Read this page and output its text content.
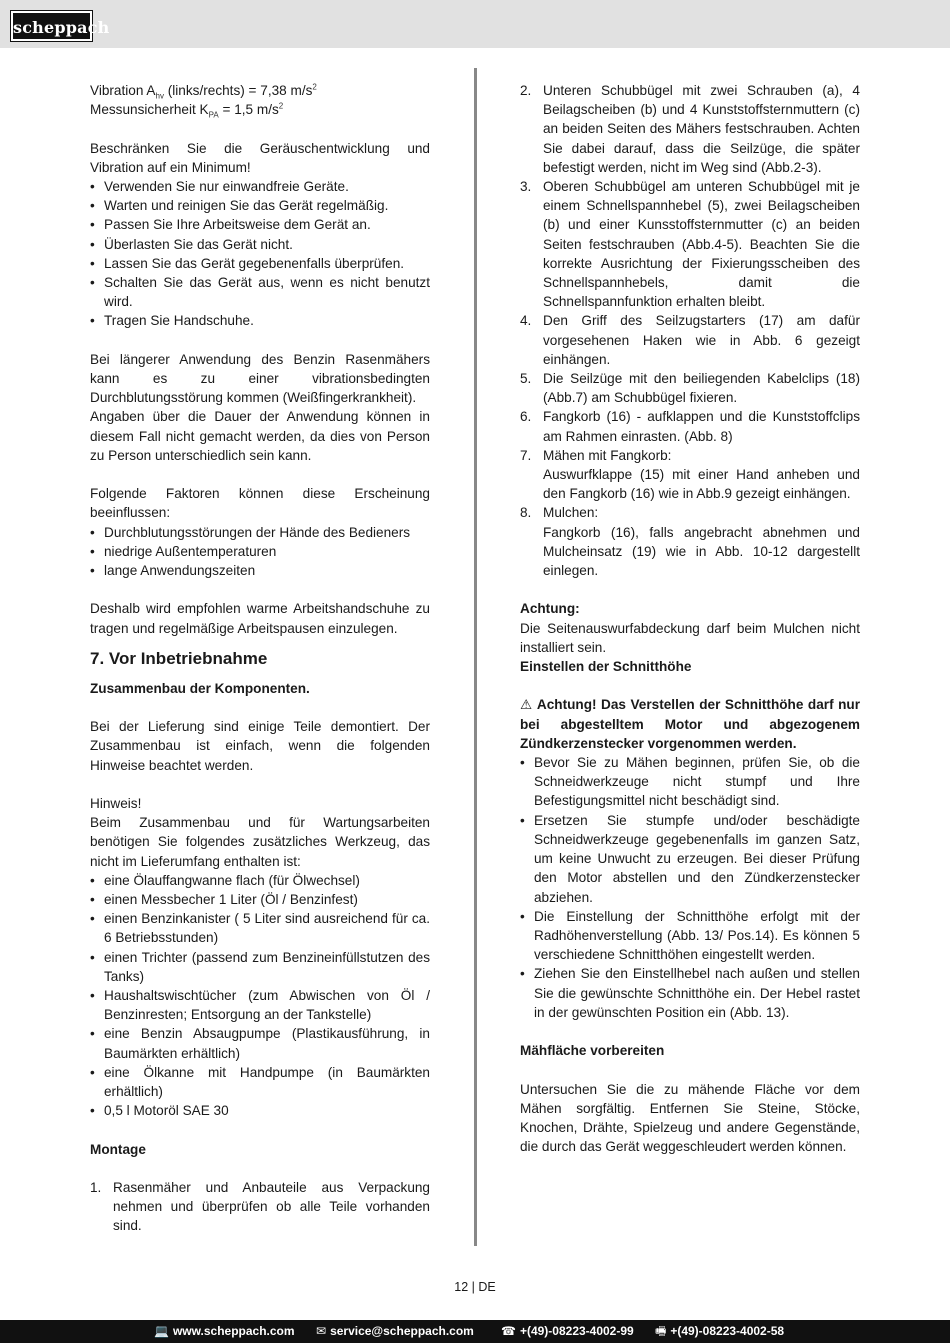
scheppach

Vibration $A_{hv}$ (links/rechts) = 7,38 $m/s^2$

Messunsicherheit $K_{PA} = 1,5$ $m/s^2$

Beschränken Sie die Geräuschentwicklung und Vibration auf ein Minimum!

• Verwenden Sie nur einwandfreie Geräte.
• Warten und reinigen Sie das Gerät regelmäßig.
• Passen Sie Ihre Arbeitsweise dem Gerät an.
• Überlasten Sie das Gerät nicht.
• Lassen Sie das Gerät gegebenenfalls überprüfen.
• Schalten Sie das Gerät aus, wenn es nicht benutzt wird.
• Tragen Sie Handschuhe.

Bei längerer Anwendung des Benzin Rasenmähers kann es zu einer vibrationsbedingten Durchblutungsstörung kommen (Weißfingerkrankheit).

Angaben über die Dauer der Anwendung können in diesem Fall nicht gemacht werden, da dies von Person zu Person unterschiedlich sein kann.

Folgende Faktoren können diese Erscheinung beeinflussen:

• Durchblutungsstörungen der Hände des Bedieners
• niedrige Außentemperaturen
• lange Anwendungszeiten

Deshalb wird empfohlen warme Arbeitshandschuhe zu tragen und regelmäßige Arbeitspausen einzulegen.

7. Vor Inbetriebnahme

Zusammenbau der Komponenten.

Bei der Lieferung sind einige Teile demontiert. Der Zusammenbau ist einfach, wenn die folgenden Hinweise beachtet werden.

Hinweis!

Beim Zusammenbau und für Wartungsarbeiten benötigen Sie folgendes zusätzliches Werkzeug, das nicht im Lieferumfang enthalten ist:

• eine Ölauffangwanne flach (für Ölwechsel)
• einen Messbecher 1 Liter (Öl / Benzinfest)
• einen Benzinkanister ( 5 Liter sind ausreichend für ca. 6 Betriebsstunden)
• einen Trichter (passend zum Benzineinfüllstutzen des Tanks)
• Haushaltswischtücher (zum Abwischen von Öl / Benzinresten; Entsorgung an der Tankstelle)
• eine Benzin Absaugpumpe (Plastikausführung, in Baumärkten erhältlich)
• eine Ölkanne mit Handpumpe (in Baumärkten erhältlich)
• 0,5 l Motoröl SAE 30

Montage

1. Rasenmäher und Anbauteile aus Verpackung nehmen und überprüfen ob alle Teile vorhanden sind.
2. Unteren Schubbügel mit zwei Schrauben (a), 4 Beilagscheiben (b) und 4 Kunststoffsternmuttern (c) an beiden Seiten des Mähers festschrauben. Achten Sie dabei darauf, dass die Seilzüge, die später befestigt werden, nicht im Weg sind (Abb.2-3).
3. Oberen Schubbügel am unteren Schubbügel mit je einem Schnellspannhebel (5), zwei Beilagscheiben (b) und einer Kunsstoffsternmutter (c) an beiden Seiten festschrauben (Abb.4-5). Beachten Sie die korrekte Ausrichtung der Fixierungsscheiben des Schnellspannhebels, damit die Schnellspannfunktion erhalten bleibt.
4. Den Griff des Seilzugstarters (17) am dafür vorgesehenen Haken wie in Abb. 6 gezeigt einhängen.
5. Die Seilzüge mit den beiliegenden Kabelclips (18) (Abb.7) am Schubbügel fixieren.
6. Fangkorb (16) - aufklappen und die Kunststoffclips am Rahmen einrasten. (Abb. 8)
7. Mähen mit Fangkorb:
Auswurfklappe (15) mit einer Hand anheben und den Fangkorb (16) wie in Abb.9 gezeigt einhängen.
8. Mulchen:
Fangkorb (16), falls angebracht abnehmen und Mulcheinsatz (19) wie in Abb. 10-12 dargestellt einlegen.

Achtung:

Die Seitenauswurfabdeckung darf beim Mulchen nicht installiert sein.

Einstellen der Schnitthöhe

⚠ Achtung! Das Verstellen der Schnitthöhe darf nur bei abgestelltem Motor und abgezogenem Zündkerzenstecker vorgenommen werden.

• Bevor Sie zu Mähen beginnen, prüfen Sie, ob die Schneidwerkzeuge nicht stumpf und Ihre Befestigungsmittel nicht beschädigt sind.
• Ersetzen Sie stumpfe und/oder beschädigte Schneidwerkzeuge gegebenenfalls im ganzen Satz, um keine Unwucht zu erzeugen. Bei dieser Prüfung den Motor abstellen und den Zündkerzenstecker abziehen.
• Die Einstellung der Schnitthöhe erfolgt mit der Radhöhenverstellung (Abb. 13/ Pos.14). Es können 5 verschiedene Schnitthöhen eingestellt werden.
• Ziehen Sie den Einstellhebel nach außen und stellen Sie die gewünschte Schnitthöhe ein. Der Hebel rastet in der gewünschten Position ein (Abb. 13).

Mähfläche vorbereiten

Untersuchen Sie die zu mähende Fläche vor dem Mähen sorgfältig. Entfernen Sie Steine, Stöcke, Knochen, Drähte, Spielzeug und andere Gegenstände, die durch das Gerät weggeschleudert werden können.

12 | DE
💻 www.scheppach.com ✉ service@scheppach.com ☎ +(49)-08223-4002-99 🖷 +(49)-08223-4002-58
